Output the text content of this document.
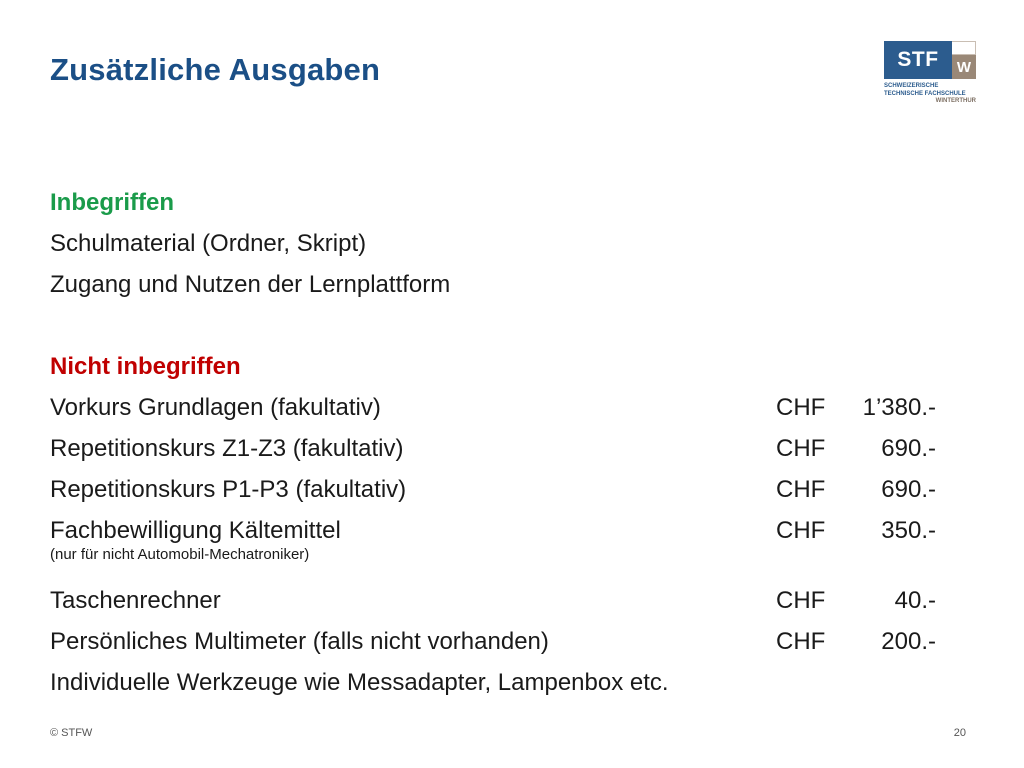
Zusätzliche Ausgaben	STF	W
SCHWEIZERISCHE
TECHNISCHE FACHSCHULE
WINTERTHUR
Inbegriffen
Schulmaterial (Ordner, Skript)
Zugang und Nutzen der Lernplattform
Nicht inbegriffen
Vorkurs Grundlagen (fakultativ)	CHF	1’380.-
Repetitionskurs Z1-Z3 (fakultativ)	CHF	690.-
Repetitionskurs P1-P3 (fakultativ)	CHF	690.-
Fachbewilligung Kältemittel	CHF	350.-
(nur für nicht Automobil-Mechatroniker)
Taschenrechner	CHF	40.-
Persönliches Multimeter (falls nicht vorhanden)	CHF	200.-
Individuelle Werkzeuge wie Messadapter, Lampenbox etc.
© STFW	20
